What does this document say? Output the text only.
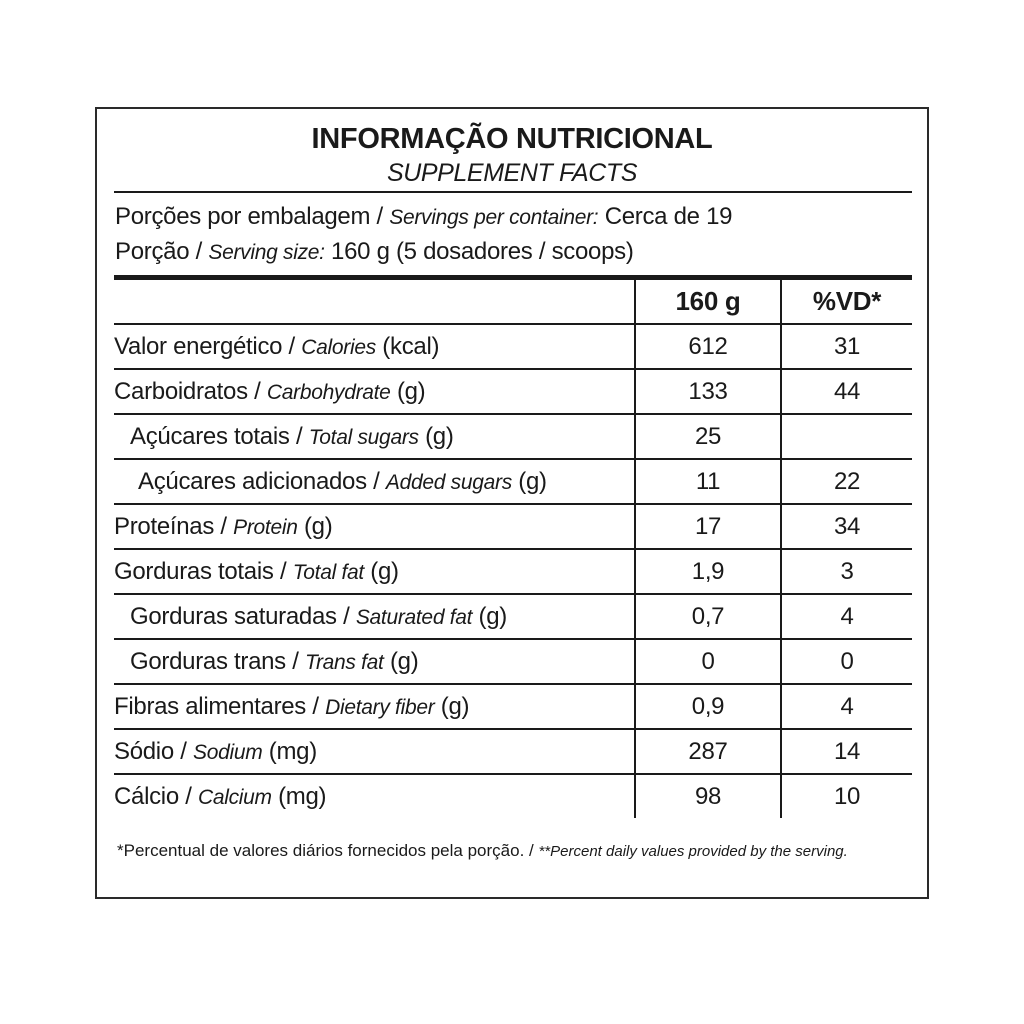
INFORMAÇÃO NUTRICIONAL
SUPPLEMENT FACTS
Porções por embalagem / Servings per container: Cerca de 19
Porção / Serving size: 160 g (5 dosadores / scoops)
	160 g	%VD*
Valor energético / Calories (kcal)	612	31
Carboidratos / Carbohydrate (g)	133	44
Açúcares totais / Total sugars (g)	25	
Açúcares adicionados / Added sugars (g)	11	22
Proteínas / Protein (g)	17	34
Gorduras totais / Total fat (g)	1,9	3
Gorduras saturadas / Saturated fat (g)	0,7	4
Gorduras trans / Trans fat (g)	0	0
Fibras alimentares / Dietary fiber (g)	0,9	4
Sódio / Sodium (mg)	287	14
Cálcio / Calcium (mg)	98	10
*Percentual de valores diários fornecidos pela porção. / **Percent daily values provided by the serving.
